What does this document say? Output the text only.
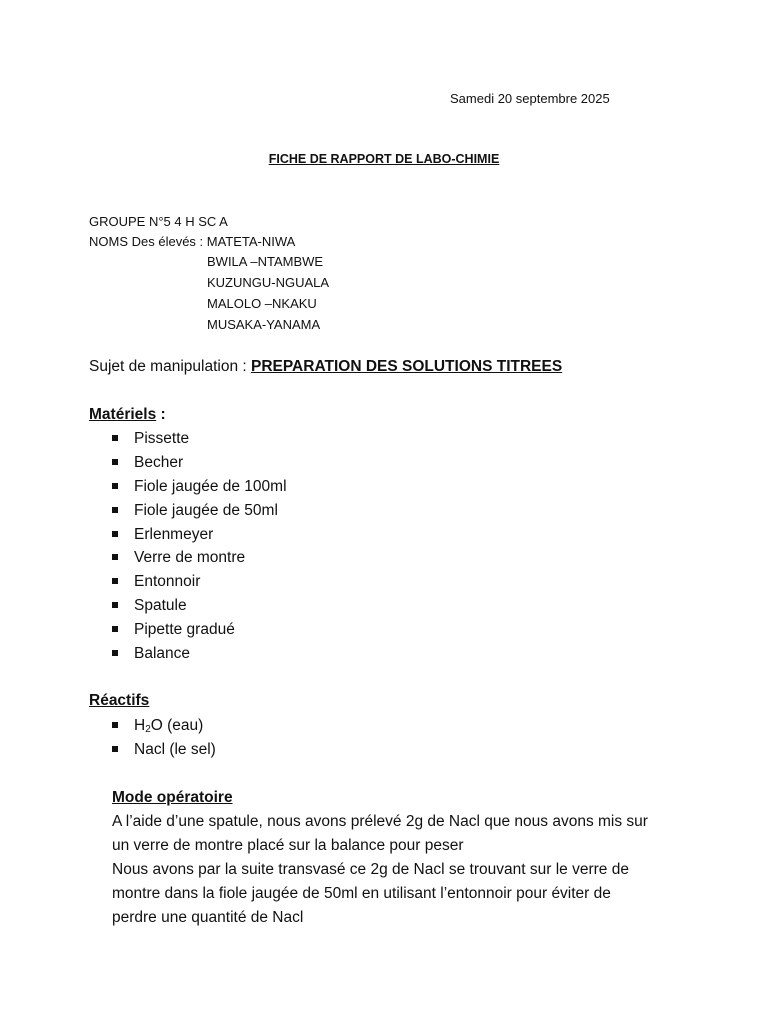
Samedi 20 septembre 2025
FICHE DE RAPPORT DE LABO-CHIMIE
GROUPE N°5 4 H SC A
NOMS Des élevés : MATETA-NIWA
BWILA –NTAMBWE
KUZUNGU-NGUALA
MALOLO –NKAKU
MUSAKA-YANAMA
Sujet de manipulation : PREPARATION DES SOLUTIONS TITREES
Matériels :
Pissette
Becher
Fiole jaugée de 100ml
Fiole jaugée de 50ml
Erlenmeyer
Verre de montre
Entonnoir
Spatule
Pipette gradué
Balance
Réactifs
$H_2O$ (eau)
Nacl (le sel)
Mode opératoire
A l’aide d’une spatule, nous avons prélevé 2g de Nacl que nous avons mis sur
un verre de montre placé sur la balance pour peser
Nous avons par la suite transvasé ce 2g de Nacl se trouvant sur le verre de
montre dans la fiole jaugée de 50ml en utilisant l’entonnoir pour éviter de
perdre une quantité de Nacl
